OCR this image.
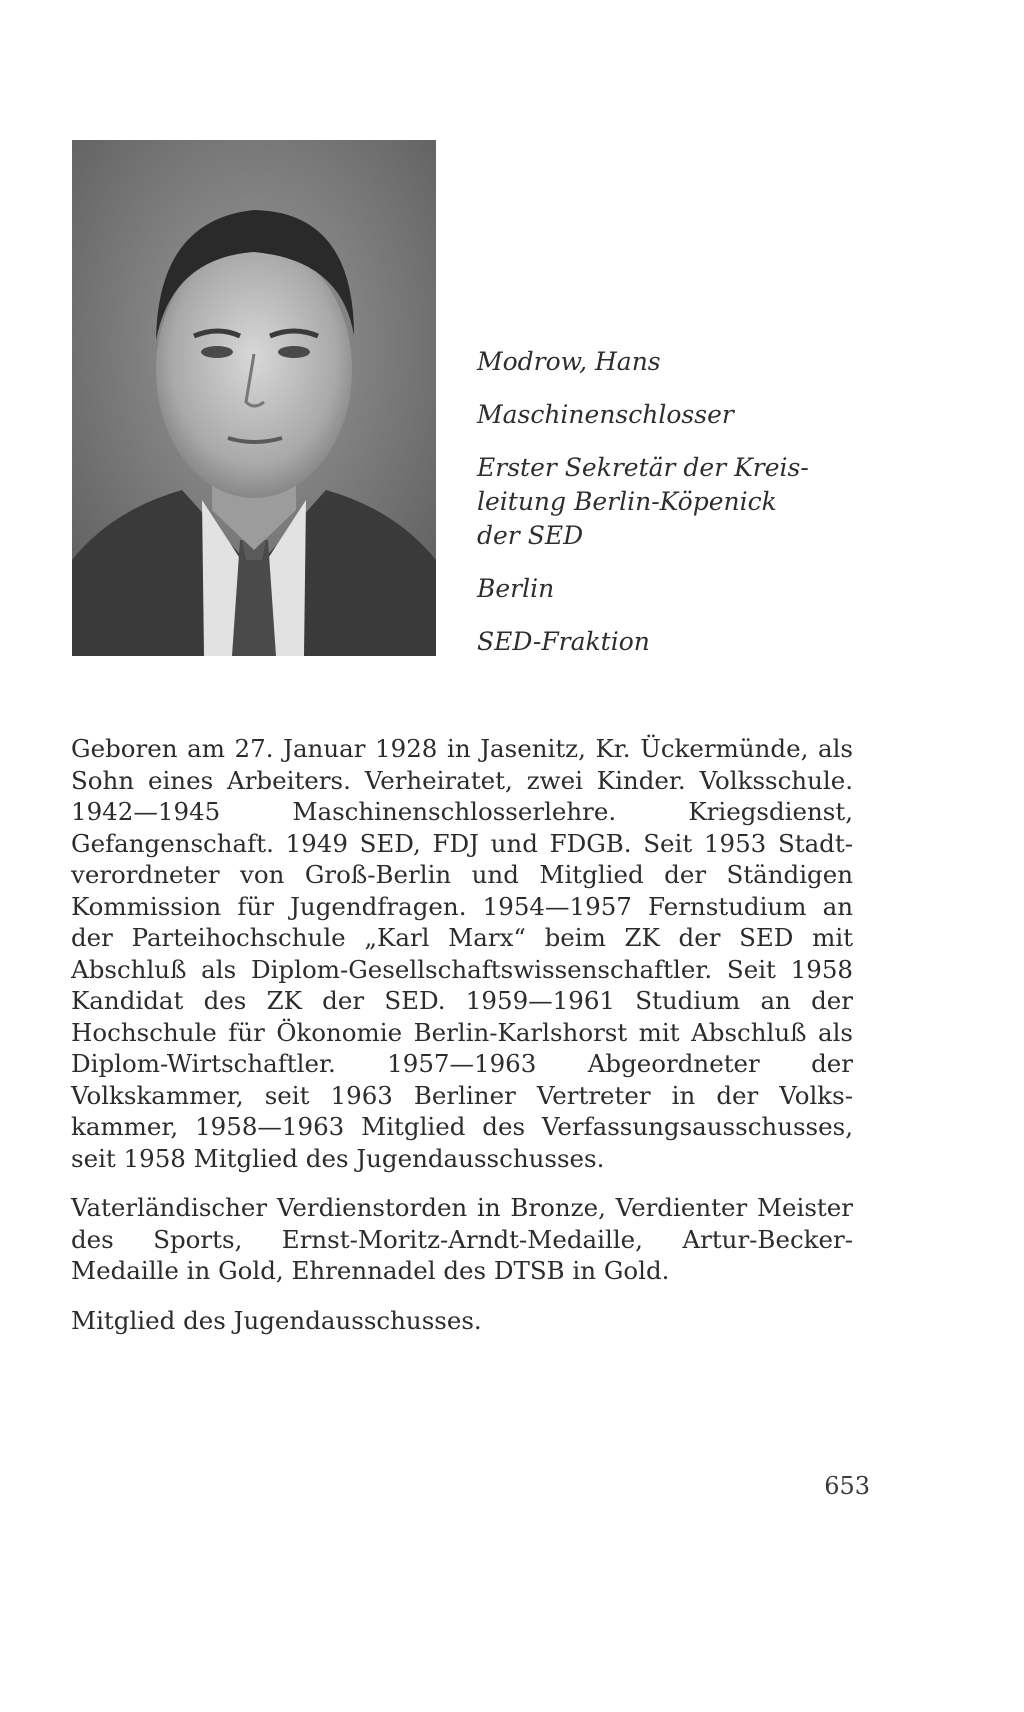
Modrow, Hans
Maschinenschlosser
Erster Sekretär der Kreis-
leitung Berlin-Köpenick
der SED
Berlin
SED-Fraktion

Geboren am 27. Januar 1928 in Jasenitz, Kr. Ückermünde, als Sohn eines Arbeiters. Verheiratet, zwei Kinder. Volksschule. 1942—1945 Maschinenschlosserlehre. Kriegsdienst, Gefangenschaft. 1949 SED, FDJ und FDGB. Seit 1953 Stadtverordneter von Groß-Berlin und Mitglied der Ständigen Kommission für Jugendfragen. 1954—1957 Fernstudium an der Parteihochschule „Karl Marx“ beim ZK der SED mit Abschluß als Diplom-Gesellschaftswissenschaftler. Seit 1958 Kandidat des ZK der SED. 1959—1961 Studium an der Hochschule für Ökonomie Berlin-Karlshorst mit Abschluß als Diplom-Wirtschaftler. 1957—1963 Abgeordneter der Volkskammer, seit 1963 Berliner Vertreter in der Volkskammer, 1958—1963 Mitglied des Verfassungsausschusses, seit 1958 Mitglied des Jugendausschusses.

Vaterländischer Verdienstorden in Bronze, Verdienter Meister des Sports, Ernst-Moritz-Arndt-Medaille, Artur-Becker-Medaille in Gold, Ehrennadel des DTSB in Gold.

Mitglied des Jugendausschusses.

653
